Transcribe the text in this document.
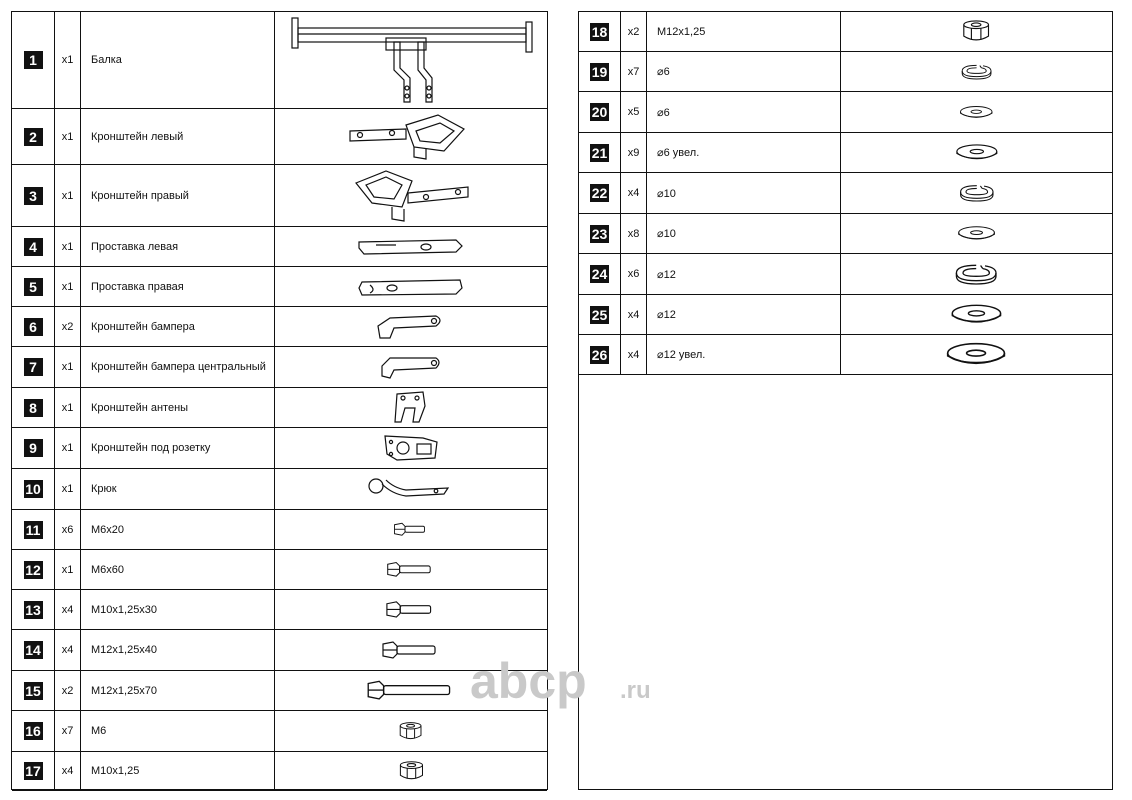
1	x1 Балка
2	x1 Кронштейн левый
3	x1 Кронштейн правый
4	x1 Проставка левая
5	x1 Проставка правая
6	x2 Кронштейн бампера
7	x1 Кронштейн бампера центральный
8	x1 Кронштейн антены
9	x1 Кронштейн под розетку
10 x1 Крюк
11 x6 M6x20
12 x1 M6x60
13 x4 M10x1,25x30
14 x4 M12x1,25x40
15 x2 M12x1,25x70
16 x7 M6
17 x4 M10x1,25
18 x2 M12x1,25
19 x7 ⌀6
20 x5 ⌀6
21 x9 ⌀6 увел.
22 x4 ⌀10
23 x8 ⌀10
24 x6 ⌀12
25 x4 ⌀12
26 x4 ⌀12 увел.
abcp .ru
